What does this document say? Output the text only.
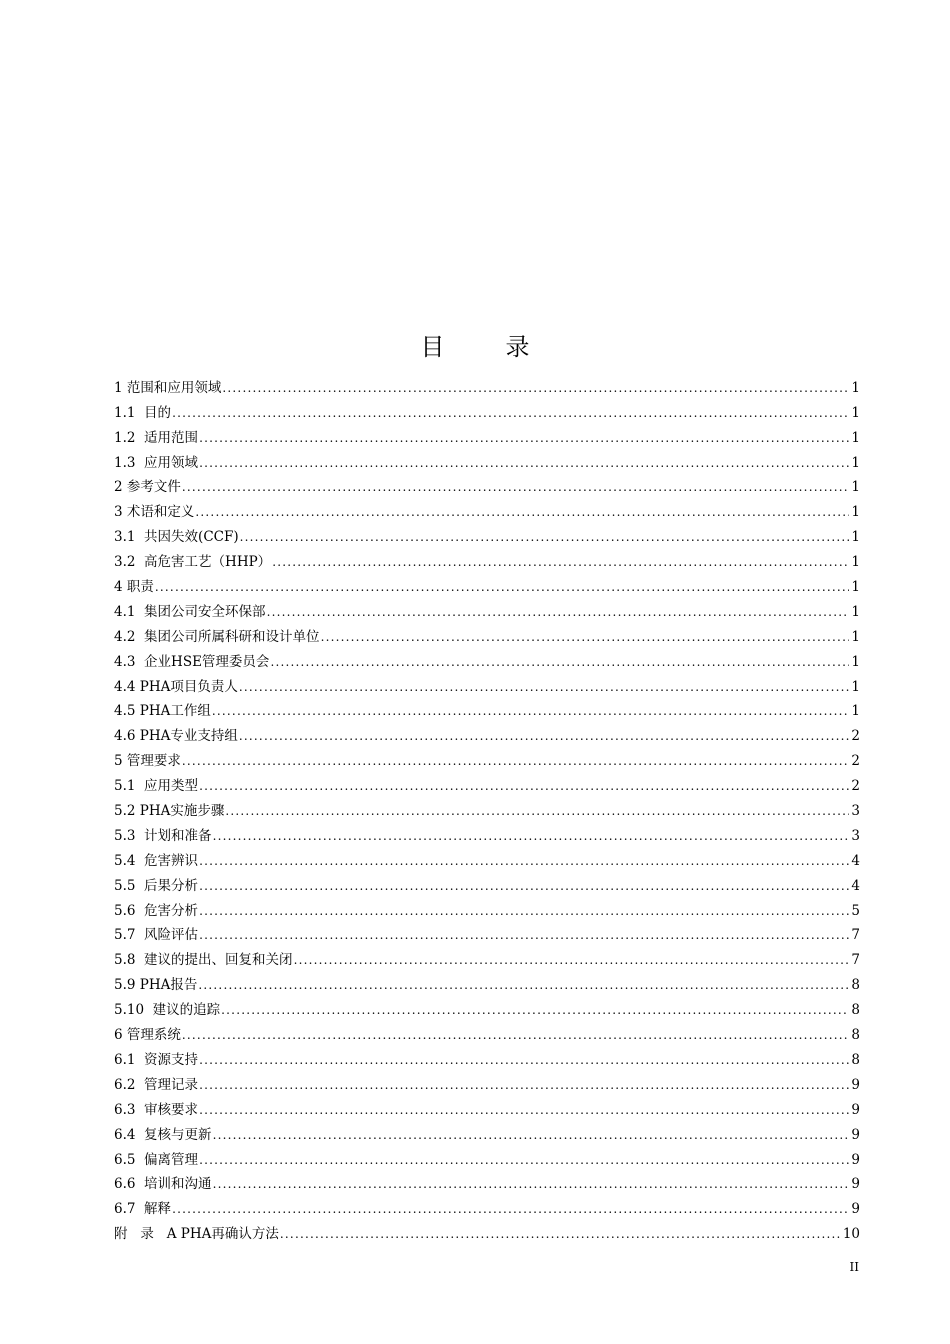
目        录
1 范围和应用领域 .....	1
1.1  目的 .....	1
1.2  适用范围 .....	1
1.3  应用领域 .....	1
2 参考文件 .....	1
3 术语和定义 .....	1
3.1  共因失效(CCF) .....	1
3.2  高危害工艺（HHP） .....	1
4 职责 .....	1
4.1  集团公司安全环保部 .....	1
4.2  集团公司所属科研和设计单位 .....	1
4.3  企业HSE管理委员会 .....	1
4.4 PHA项目负责人 .....	1
4.5 PHA工作组 .....	1
4.6 PHA专业支持组 .....	2
5 管理要求 .....	2
5.1  应用类型 .....	2
5.2 PHA实施步骤 .....	3
5.3  计划和准备 .....	3
5.4  危害辨识 .....	4
5.5  后果分析 .....	4
5.6  危害分析 .....	5
5.7  风险评估 .....	7
5.8  建议的提出、回复和关闭 .....	7
5.9 PHA报告 .....	8
5.10  建议的追踪 .....	8
6 管理系统 .....	8
6.1  资源支持 .....	8
6.2  管理记录 .....	9
6.3  审核要求 .....	9
6.4  复核与更新 .....	9
6.5  偏离管理 .....	9
6.6  培训和沟通 .....	9
6.7  解释 .....	9
附   录   A PHA再确认方法 .....	10
II
